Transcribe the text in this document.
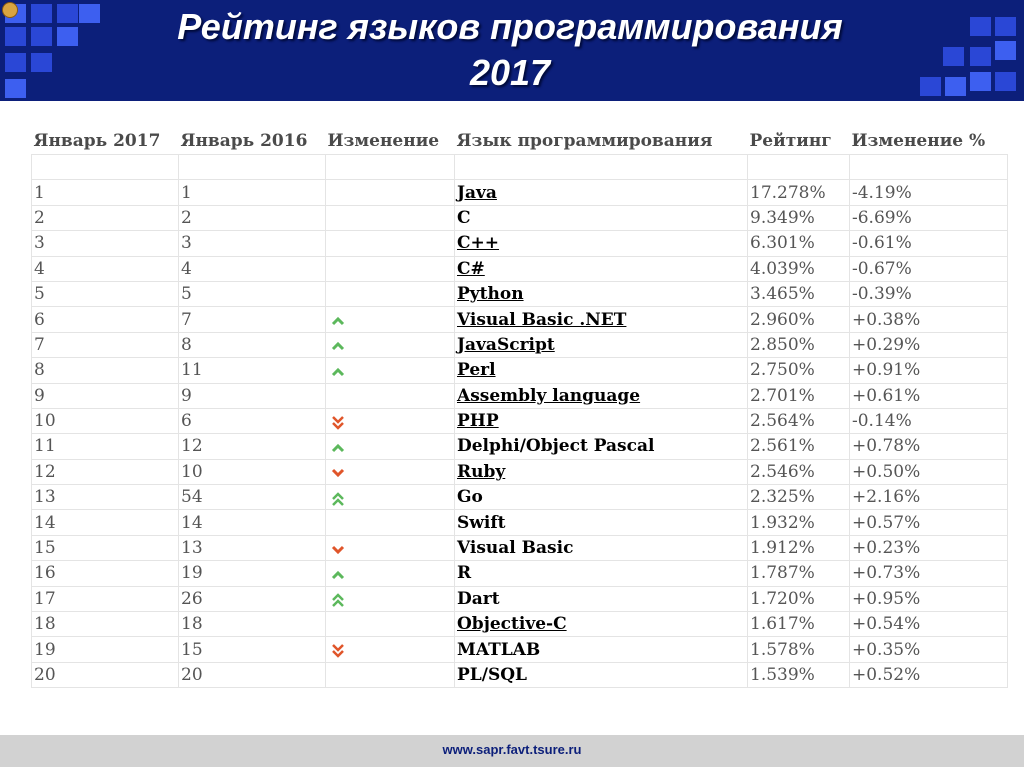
Рейтинг языков программирования
2017
Январь 2017	Январь 2016	Изменение	Язык программирования	Рейтинг	Изменение %

1	1		Java	17.278%	-4.19%
2	2		C	9.349%	-6.69%
3	3		C++	6.301%	-0.61%
4	4		C#	4.039%	-0.67%
5	5		Python	3.465%	-0.39%
6	7		Visual Basic .NET	2.960%	+0.38%
7	8		JavaScript	2.850%	+0.29%
8	11		Perl	2.750%	+0.91%
9	9		Assembly language	2.701%	+0.61%
10	6		PHP	2.564%	-0.14%
11	12		Delphi/Object Pascal	2.561%	+0.78%
12	10		Ruby	2.546%	+0.50%
13	54		Go	2.325%	+2.16%
14	14		Swift	1.932%	+0.57%
15	13		Visual Basic	1.912%	+0.23%
16	19		R	1.787%	+0.73%
17	26		Dart	1.720%	+0.95%
18	18		Objective-C	1.617%	+0.54%
19	15		MATLAB	1.578%	+0.35%
20	20		PL/SQL	1.539%	+0.52%
www.sapr.favt.tsure.ru
